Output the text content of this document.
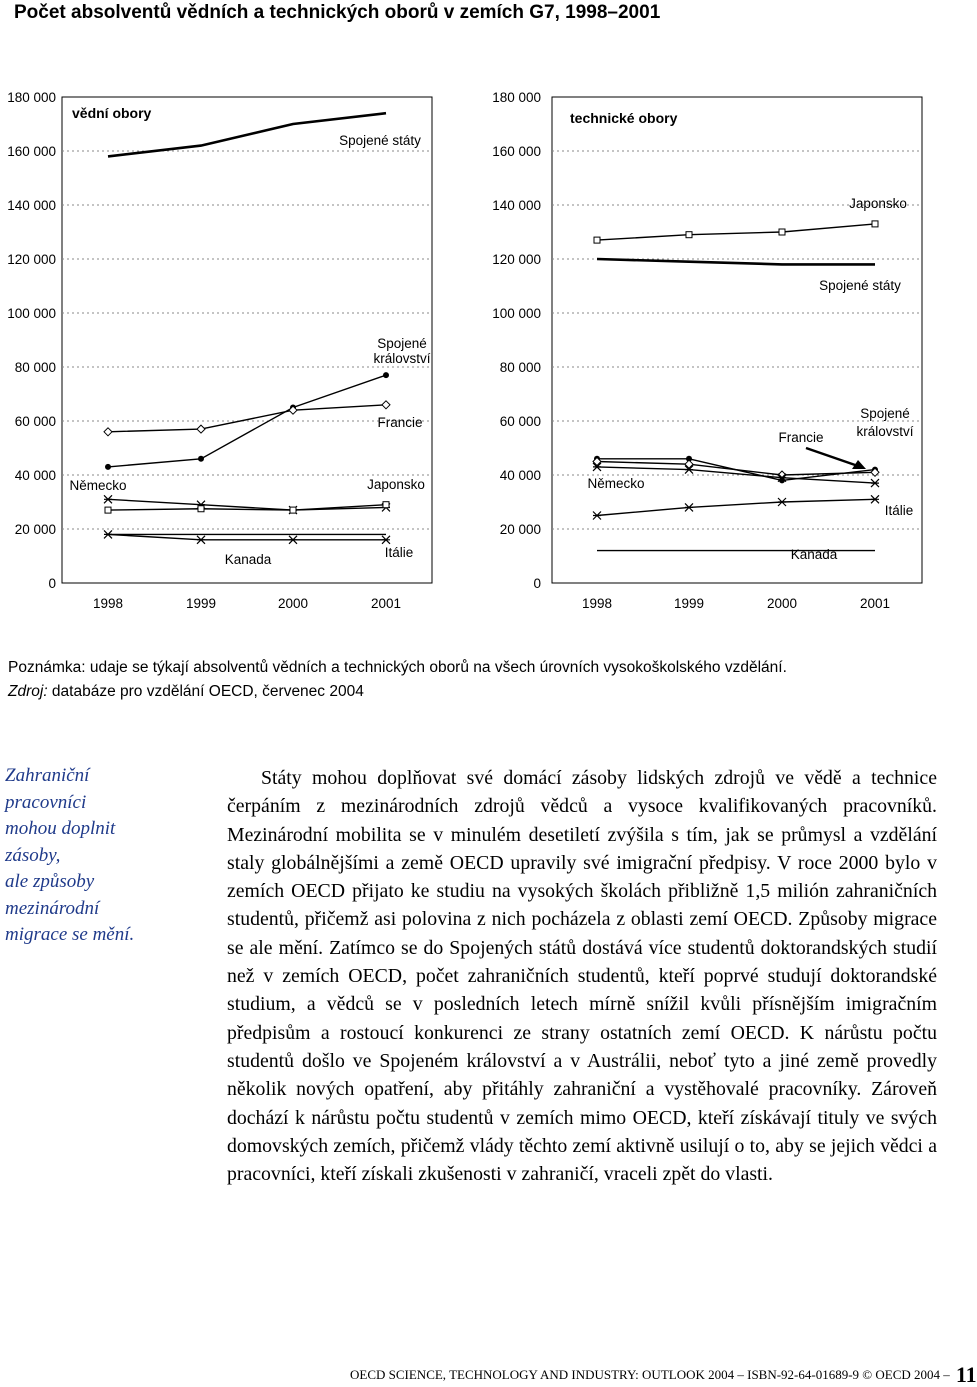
Počet absolventů vědních a technických oborů v zemích G7, 1998–2001
0
20 000
40 000
60 000
80 000
100 000
120 000
140 000
160 000
180 000
1998	1999	2000	2001
vědní obory
Spojené státy
Spojené
království
Francie
Německo	Japonsko
Itálie
Kanada
0
20 000
40 000
60 000
80 000
100 000
120 000
140 000
160 000
180 000
1998	1999	2000	2001
technické obory
Japonsko
Spojené státy
Spojené
království
Francie
Německo
Itálie
Kanada
Poznámka: udaje se týkají absolventů vědních a technických oborů na všech úrovních vysokoškolského vzdělání.
Zdroj: databáze pro vzdělání OECD, červenec 2004
Zahraniční
pracovníci
mohou doplnit
zásoby,
ale způsoby
mezinárodní
migrace se mění.

Státy mohou doplňovat své domácí zásoby lidských zdrojů ve vědě a technice čerpáním z mezinárodních zdrojů vědců a vysoce kvalifikovaných pracovníků. Mezinárodní mobilita se v minulém desetiletí zvýšila s tím, jak se průmysl a vzdělání staly globálnějšími a země OECD upravily své imigrační předpisy. V roce 2000 bylo v zemích OECD přijato ke studiu na vysokých školách přibližně 1,5 milión zahraničních studentů, přičemž asi polovina z nich pocházela z oblasti zemí OECD. Způsoby migrace se ale mění. Zatímco se do Spojených států dostává více studentů doktorandských studií než v zemích OECD, počet zahraničních studentů, kteří poprvé studují doktorandské studium, a vědců se v posledních letech mírně snížil kvůli přísnějším imigračním předpisům a rostoucí konkurenci ze strany ostatních zemí OECD. K nárůstu počtu studentů došlo ve Spojeném království a v Austrálii, neboť tyto a jiné země provedly několik nových opatření, aby přitáhly zahraniční a vystěhovalé pracovníky. Zároveň dochází k nárůstu počtu studentů v zemích mimo OECD, kteří získávají tituly ve svých domovských zemích, přičemž vlády těchto zemí aktivně usilují o to, aby se jejich vědci a pracovníci, kteří získali zkušenosti v zahraničí, vraceli zpět do vlasti.

OECD SCIENCE, TECHNOLOGY AND INDUSTRY: OUTLOOK 2004 – ISBN-92-64-01689-9 © OECD 2004 – 11
